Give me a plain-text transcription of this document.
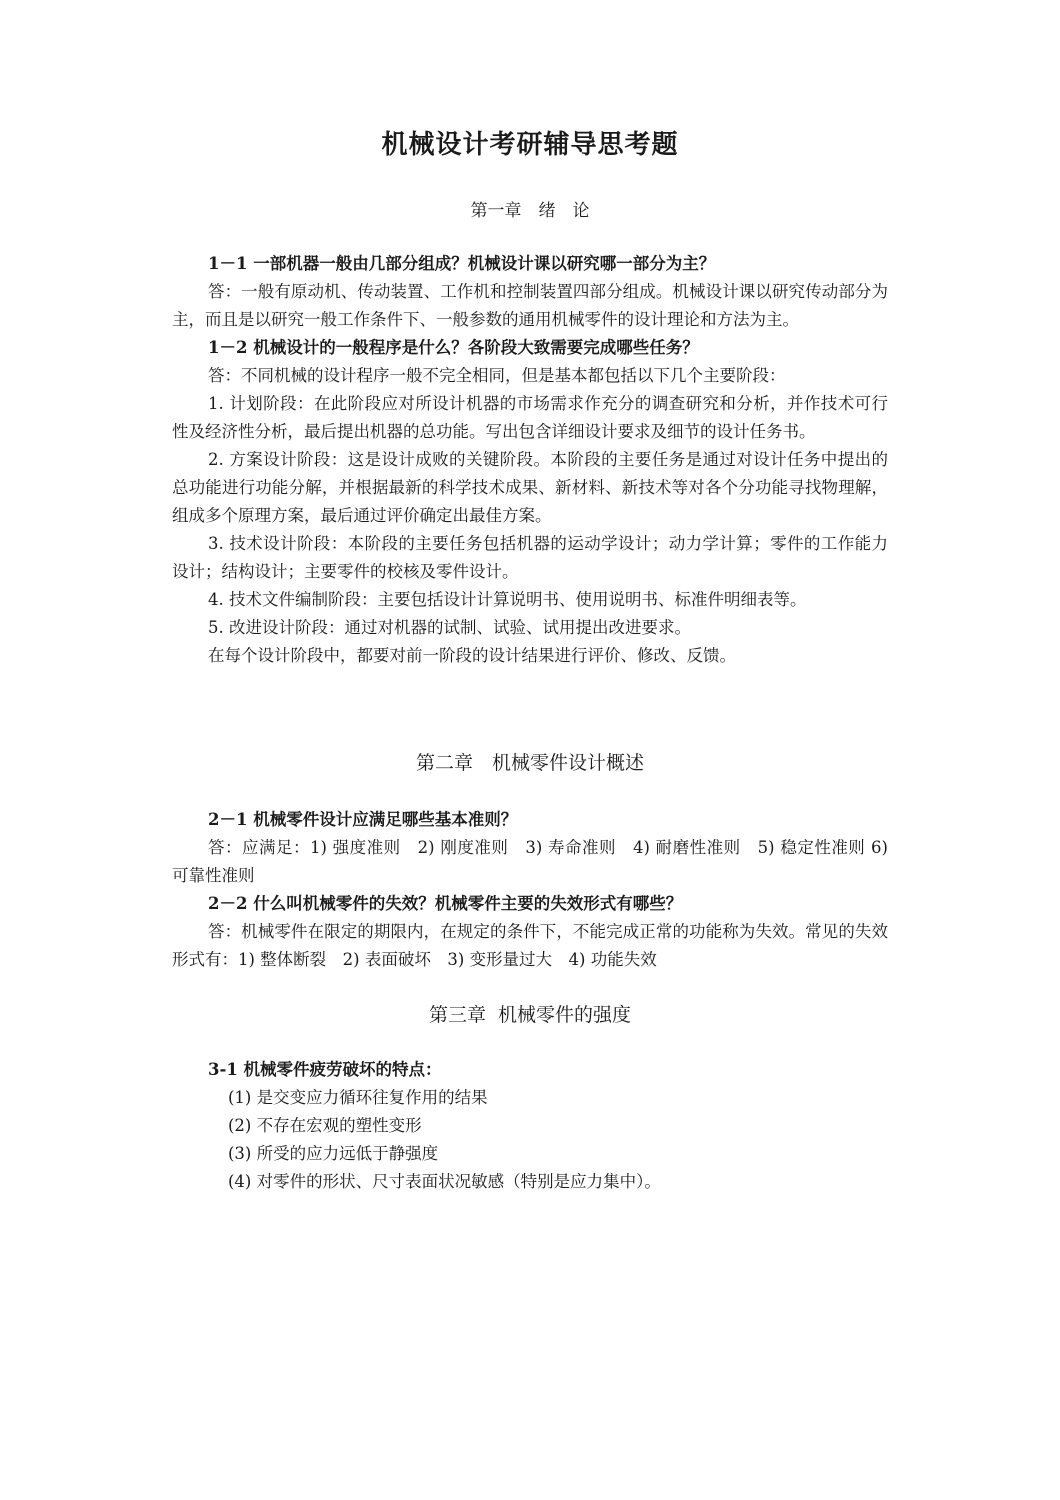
机械设计考研辅导思考题
第一章　绪　论

1－1 一部机器一般由几部分组成？机械设计课以研究哪一部分为主？

答：一般有原动机、传动装置、工作机和控制装置四部分组成。机械设计课以研究传动部分为主，而且是以研究一般工作条件下、一般参数的通用机械零件的设计理论和方法为主。

1－2 机械设计的一般程序是什么？各阶段大致需要完成哪些任务？

答：不同机械的设计程序一般不完全相同，但是基本都包括以下几个主要阶段：

1. 计划阶段：在此阶段应对所设计机器的市场需求作充分的调查研究和分析，并作技术可行性及经济性分析，最后提出机器的总功能。写出包含详细设计要求及细节的设计任务书。

2. 方案设计阶段：这是设计成败的关键阶段。本阶段的主要任务是通过对设计任务中提出的总功能进行功能分解，并根据最新的科学技术成果、新材料、新技术等对各个分功能寻找物理解，组成多个原理方案，最后通过评价确定出最佳方案。

3. 技术设计阶段：本阶段的主要任务包括机器的运动学设计；动力学计算；零件的工作能力设计；结构设计；主要零件的校核及零件设计。

4. 技术文件编制阶段：主要包括设计计算说明书、使用说明书、标准件明细表等。

5. 改进设计阶段：通过对机器的试制、试验、试用提出改进要求。

在每个设计阶段中，都要对前一阶段的设计结果进行评价、修改、反馈。

第二章　机械零件设计概述

2－1 机械零件设计应满足哪些基本准则？

答：应满足：1) 强度准则　2) 刚度准则　3) 寿命准则　4) 耐磨性准则　5) 稳定性准则 6) 可靠性准则

2－2 什么叫机械零件的失效？机械零件主要的失效形式有哪些？

答：机械零件在限定的期限内，在规定的条件下，不能完成正常的功能称为失效。常见的失效形式有：1) 整体断裂　2) 表面破坏　3) 变形量过大　4) 功能失效

第三章  机械零件的强度

3-1 机械零件疲劳破坏的特点：

(1) 是交变应力循环往复作用的结果

(2) 不存在宏观的塑性变形

(3) 所受的应力远低于静强度

(4) 对零件的形状、尺寸表面状况敏感（特别是应力集中）。
